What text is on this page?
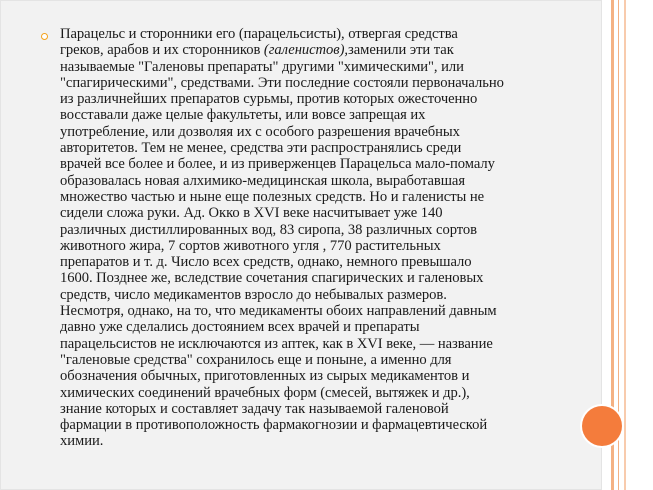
Парацельс и сторонники его (парацельсисты), отвергая средства
греков, арабов и их сторонников (галенистов),заменили эти так
называемые "Галеновы препараты" другими "химическими", или
"спагирическими", средствами. Эти последние состояли первоначально
из различнейших препаратов сурьмы, против которых ожесточенно
восставали даже целые факультеты, или вовсе запрещая их
употребление, или дозволяя их с особого разрешения врачебных
авторитетов. Тем не менее, средства эти распространялись среди
врачей все более и более, и из приверженцев Парацельса мало-помалу
образовалась новая алхимико-медицинская школа, выработавшая
множество частью и ныне еще полезных средств. Но и галенисты не
сидели сложа руки. Ад. Окко в XVI веке насчитывает уже 140
различных дистиллированных вод, 83 сиропа, 38 различных сортов
животного жира, 7 сортов животного угля , 770 растительных
препаратов и т. д. Число всех средств, однако, немного превышало
1600. Позднее же, вследствие сочетания спагирических и галеновых
средств, число медикаментов взросло до небывалых размеров.
Несмотря, однако, на то, что медикаменты обоих направлений давным
давно уже сделались достоянием всех врачей и препараты
парацельсистов не исключаются из аптек, как в XVI веке, — название
"галеновые средства" сохранилось еще и поныне, а именно для
обозначения обычных, приготовленных из сырых медикаментов и
химических соединений врачебных форм (смесей, вытяжек и др.),
знание которых и составляет задачу так называемой галеновой
фармации в противоположность фармакогнозии и фармацевтической
химии.
